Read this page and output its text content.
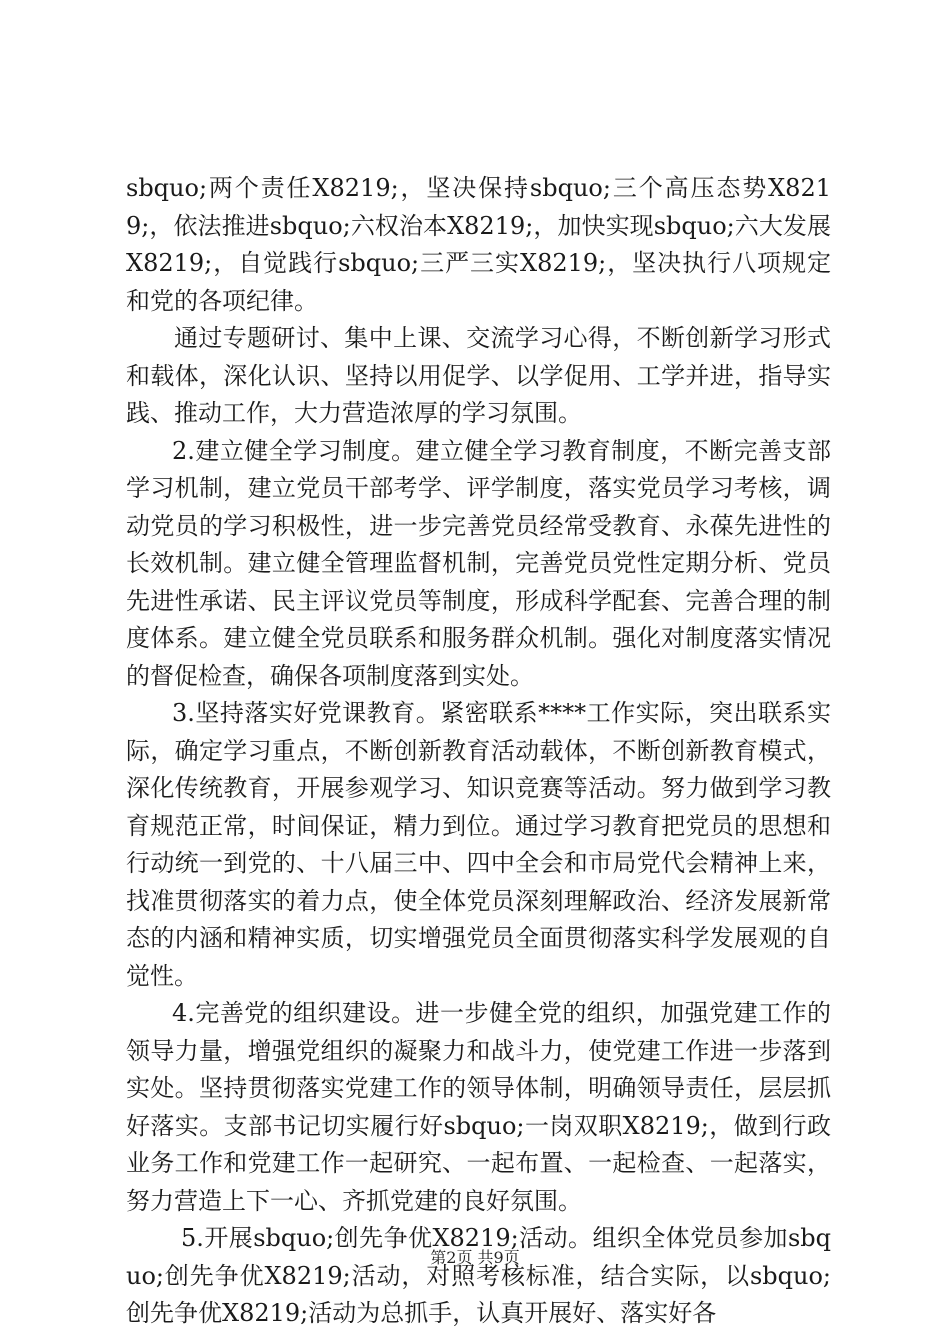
sbquo;两个责任X8219;，坚决保持sbquo;三个高压态势X8219;，依法推进sbquo;六权治本X8219;，加快实现sbquo;六大发展X8219;，自觉践行sbquo;三严三实X8219;，坚决执行八项规定和党的各项纪律。

通过专题研讨、集中上课、交流学习心得，不断创新学习形式和载体，深化认识、坚持以用促学、以学促用、工学并进，指导实践、推动工作，大力营造浓厚的学习氛围。

2.建立健全学习制度。建立健全学习教育制度，不断完善支部学习机制，建立党员干部考学、评学制度，落实党员学习考核，调动党员的学习积极性，进一步完善党员经常受教育、永葆先进性的长效机制。建立健全管理监督机制，完善党员党性定期分析、党员先进性承诺、民主评议党员等制度，形成科学配套、完善合理的制度体系。建立健全党员联系和服务群众机制。强化对制度落实情况的督促检查，确保各项制度落到实处。

3.坚持落实好党课教育。紧密联系****工作实际，突出联系实际，确定学习重点，不断创新教育活动载体，不断创新教育模式，深化传统教育，开展参观学习、知识竞赛等活动。努力做到学习教育规范正常，时间保证，精力到位。通过学习教育把党员的思想和行动统一到党的、十八届三中、四中全会和市局党代会精神上来，找准贯彻落实的着力点，使全体党员深刻理解政治、经济发展新常态的内涵和精神实质，切实增强党员全面贯彻落实科学发展观的自觉性。

4.完善党的组织建设。进一步健全党的组织，加强党建工作的领导力量，增强党组织的凝聚力和战斗力，使党建工作进一步落到实处。坚持贯彻落实党建工作的领导体制，明确领导责任，层层抓好落实。支部书记切实履行好sbquo;一岗双职X8219;，做到行政业务工作和党建工作一起研究、一起布置、一起检查、一起落实，努力营造上下一心、齐抓党建的良好氛围。

5.开展sbquo;创先争优X8219;活动。组织全体党员参加sbquo;创先争优X8219;活动，对照考核标准，结合实际，以sbquo;创先争优X8219;活动为总抓手，认真开展好、落实好各

第2页 共9页
